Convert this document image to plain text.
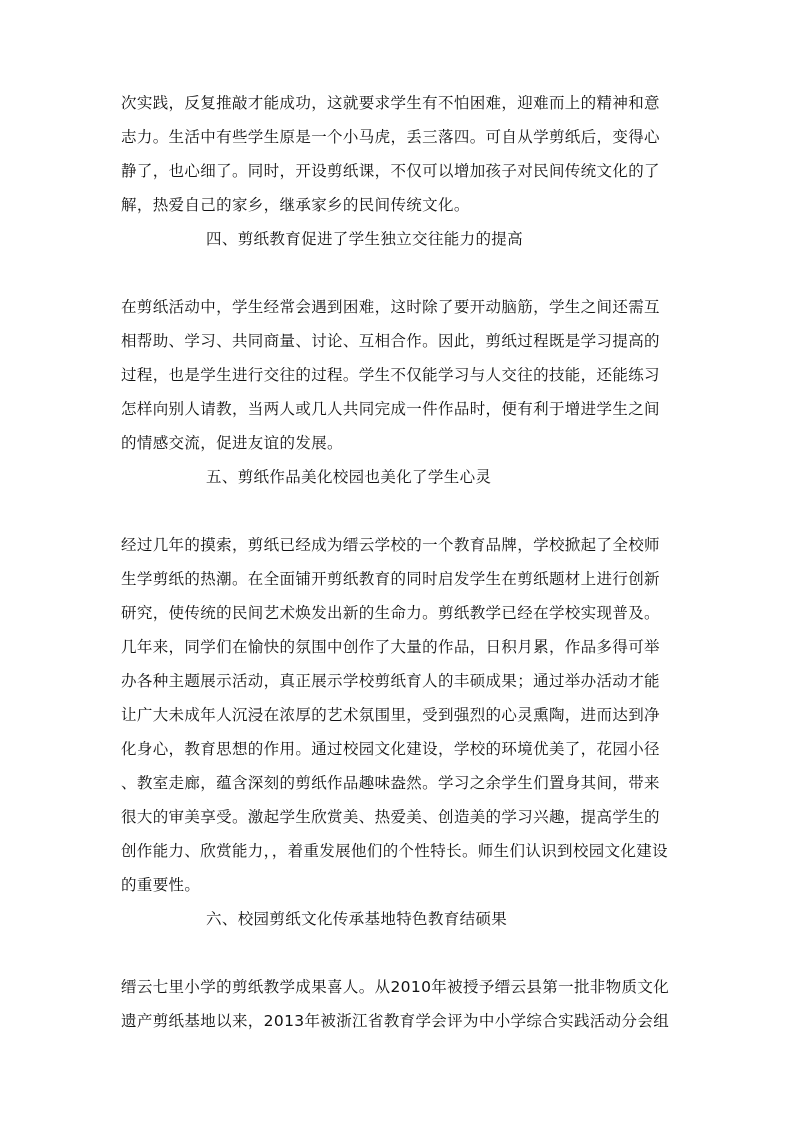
次实践，反复推敲才能成功，这就要求学生有不怕困难，迎难而上的精神和意
志力。生活中有些学生原是一个小马虎，丢三落四。可自从学剪纸后，变得心
静了，也心细了。同时，开设剪纸课，不仅可以增加孩子对民间传统文化的了
解，热爱自己的家乡，继承家乡的民间传统文化。
四、剪纸教育促进了学生独立交往能力的提高
在剪纸活动中，学生经常会遇到困难，这时除了要开动脑筋，学生之间还需互
相帮助、学习、共同商量、讨论、互相合作。因此，剪纸过程既是学习提高的
过程，也是学生进行交往的过程。学生不仅能学习与人交往的技能，还能练习
怎样向别人请教，当两人或几人共同完成一件作品时，便有利于增进学生之间
的情感交流，促进友谊的发展。
五、剪纸作品美化校园也美化了学生心灵
经过几年的摸索，剪纸已经成为缙云学校的一个教育品牌，学校掀起了全校师
生学剪纸的热潮。在全面铺开剪纸教育的同时启发学生在剪纸题材上进行创新
研究，使传统的民间艺术焕发出新的生命力。剪纸教学已经在学校实现普及。
几年来，同学们在愉快的氛围中创作了大量的作品，日积月累，作品多得可举
办各种主题展示活动，真正展示学校剪纸育人的丰硕成果；通过举办活动才能
让广大未成年人沉浸在浓厚的艺术氛围里，受到强烈的心灵熏陶，进而达到净
化身心，教育思想的作用。通过校园文化建设，学校的环境优美了，花园小径
、教室走廊，蕴含深刻的剪纸作品趣味盎然。学习之余学生们置身其间，带来
很大的审美享受。激起学生欣赏美、热爱美、创造美的学习兴趣，提高学生的
创作能力、欣赏能力，，着重发展他们的个性特长。师生们认识到校园文化建设
的重要性。
六、校园剪纸文化传承基地特色教育结硕果
缙云七里小学的剪纸教学成果喜人。从2010年被授予缙云县第一批非物质文化
遗产剪纸基地以来，2013年被浙江省教育学会评为中小学综合实践活动分会组
